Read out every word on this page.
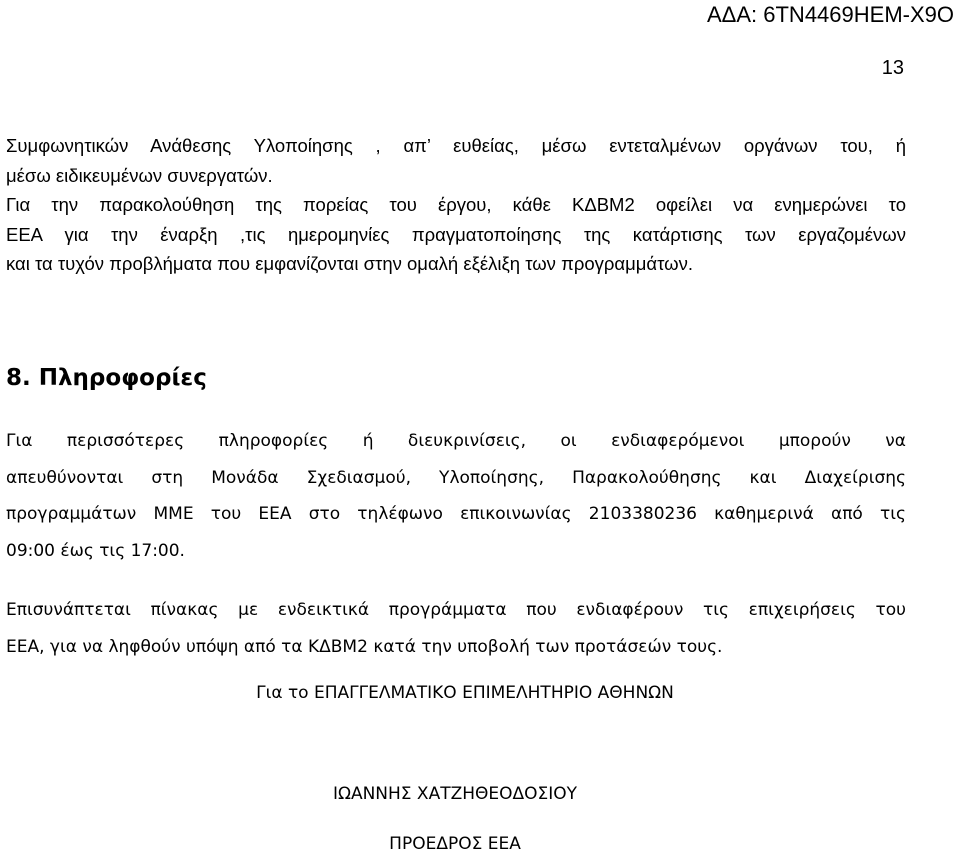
ΑΔΑ: 6ΤΝ4469ΗΕΜ-Χ9Ο
13
Συμφωνητικών Ανάθεσης Υλοποίησης , απ’ ευθείας, μέσω εντεταλμένων οργάνων του, ή
μέσω ειδικευμένων συνεργατών.
Για την παρακολούθηση της πορείας του έργου, κάθε ΚΔΒΜ2 οφείλει να ενημερώνει το
ΕΕΑ για την έναρξη ,τις ημερομηνίες πραγματοποίησης της κατάρτισης των εργαζομένων
και τα τυχόν προβλήματα που εμφανίζονται στην ομαλή εξέλιξη των προγραμμάτων.
8. Πληροφορίες
Για περισσότερες πληροφορίες ή διευκρινίσεις, οι ενδιαφερόμενοι μπορούν να
απευθύνονται στη Μονάδα Σχεδιασμού, Υλοποίησης, Παρακολούθησης και Διαχείρισης
προγραμμάτων ΜΜΕ του ΕΕΑ στο τηλέφωνο επικοινωνίας 2103380236 καθημερινά από τις
09:00 έως τις 17:00.
Επισυνάπτεται πίνακας με ενδεικτικά προγράμματα που ενδιαφέρουν τις επιχειρήσεις του
ΕΕΑ, για να ληφθούν υπόψη από τα ΚΔΒΜ2 κατά την υποβολή των προτάσεών τους.
Για το ΕΠΑΓΓΕΛΜΑΤΙΚΟ ΕΠΙΜΕΛΗΤΗΡΙΟ ΑΘΗΝΩΝ
ΙΩΑΝΝΗΣ ΧΑΤΖΗΘΕΟΔΟΣΙΟΥ
ΠΡΟΕΔΡΟΣ ΕΕΑ
